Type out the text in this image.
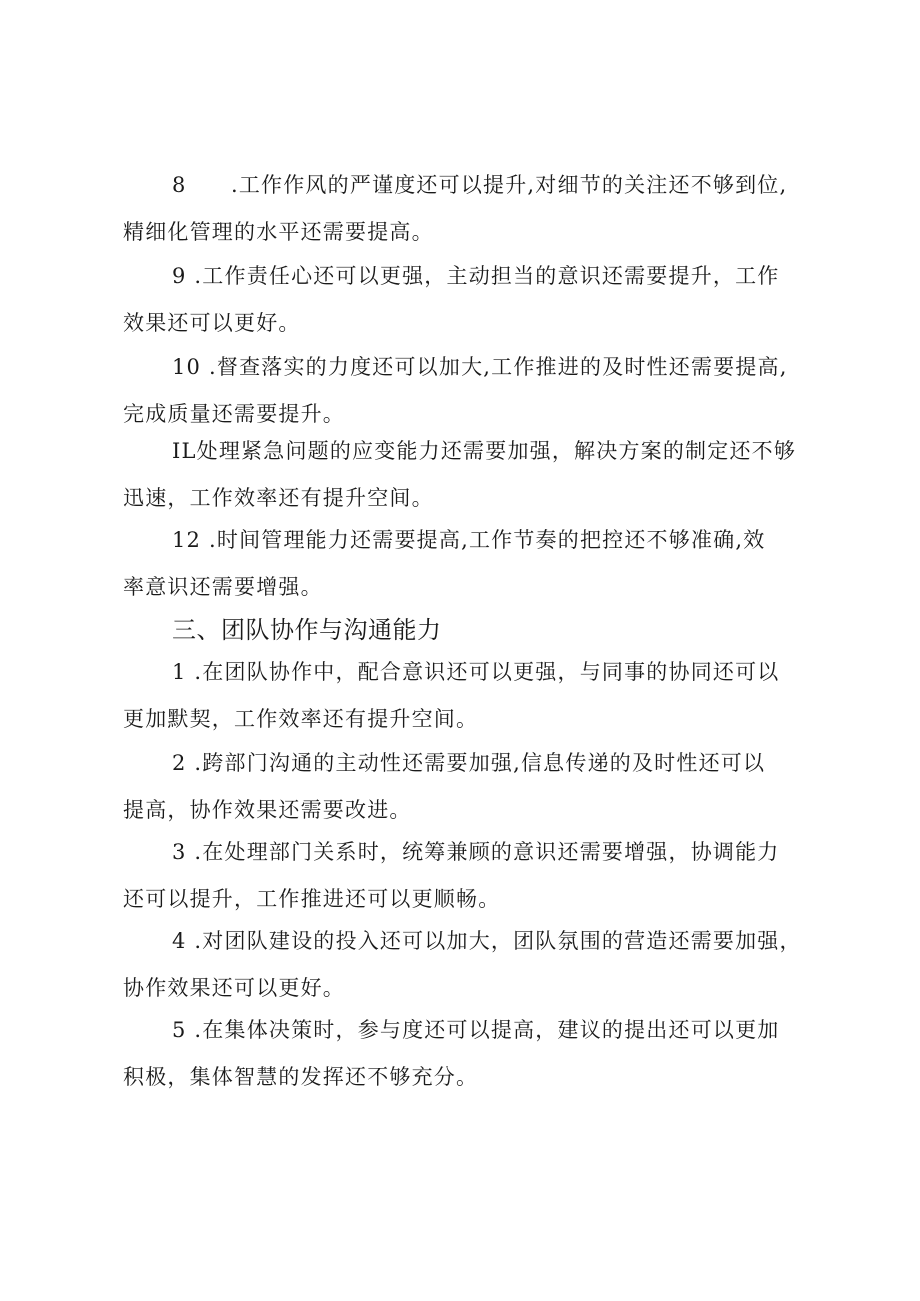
8　　.工作作风的严谨度还可以提升,对细节的关注还不够到位,
精细化管理的水平还需要提高。

9 .工作责任心还可以更强，主动担当的意识还需要提升，工作
效果还可以更好。

10 .督查落实的力度还可以加大,工作推进的及时性还需要提高,
完成质量还需要提升。

IL处理紧急问题的应变能力还需要加强，解决方案的制定还不够
迅速，工作效率还有提升空间。

12 .时间管理能力还需要提高,工作节奏的把控还不够准确,效
率意识还需要增强。

三、团队协作与沟通能力

1 .在团队协作中，配合意识还可以更强，与同事的协同还可以
更加默契，工作效率还有提升空间。

2 .跨部门沟通的主动性还需要加强,信息传递的及时性还可以
提高，协作效果还需要改进。

3 .在处理部门关系时，统筹兼顾的意识还需要增强，协调能力
还可以提升，工作推进还可以更顺畅。

4 .对团队建设的投入还可以加大，团队氛围的营造还需要加强，
协作效果还可以更好。

5 .在集体决策时，参与度还可以提高，建议的提出还可以更加
积极，集体智慧的发挥还不够充分。
